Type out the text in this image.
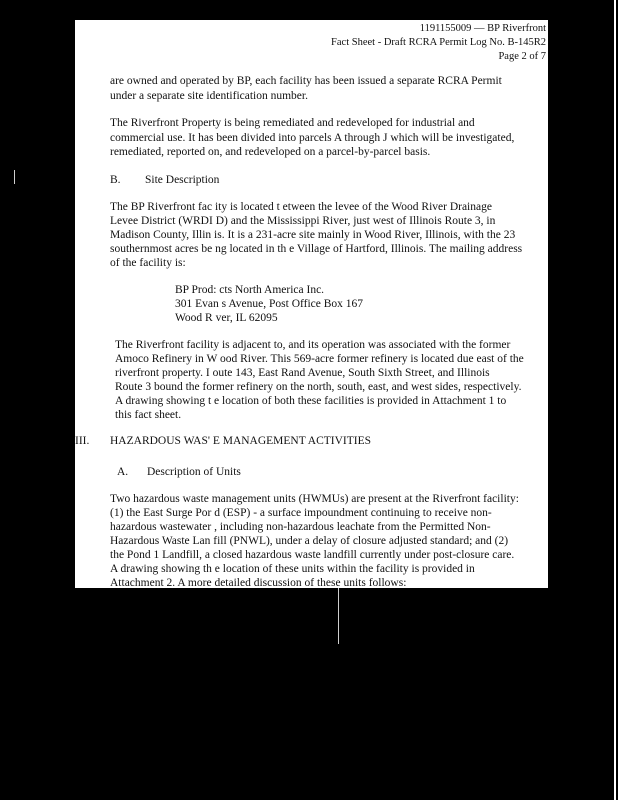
1191155009 — BP Riverfront
Fact Sheet - Draft RCRA Permit Log No. B-145R2
Page 2 of 7

are owned and operated by BP, each facility has been issued a separate RCRA Permit

under a separate site identification number.

The Riverfront Property is being remediated and redeveloped for industrial and

commercial use. It has been divided into parcels A through J which will be investigated,

remediated, reported on, and redeveloped on a parcel-by-parcel basis.

B. Site Description

The BP Riverfront fac ity is located t etween the levee of the Wood River Drainage

Levee District (WRDI D) and the Mississippi River, just west of Illinois Route 3, in

Madison County, Illin is. It is a 231-acre site mainly in Wood River, Illinois, with the 23

southernmost acres be ng located in th e Village of Hartford, Illinois. The mailing address

of the facility is:

BP Prod: cts North America Inc.

301 Evan s Avenue, Post Office Box 167

Wood R ver, IL 62095

The Riverfront facility is adjacent to, and its operation was associated with the former

Amoco Refinery in W ood River. This 569-acre former refinery is located due east of the

riverfront property. I oute 143, East Rand Avenue, South Sixth Street, and Illinois

Route 3 bound the former refinery on the north, south, east, and west sides, respectively.

A drawing showing t e location of both these facilities is provided in Attachment 1 to

this fact sheet.

III. HAZARDOUS WAS' E MANAGEMENT ACTIVITIES

A. Description of Units

Two hazardous waste management units (HWMUs) are present at the Riverfront facility:

(1) the East Surge Por d (ESP) - a surface impoundment continuing to receive non-

hazardous wastewater , including non-hazardous leachate from the Permitted Non-

Hazardous Waste Lan fill (PNWL), under a delay of closure adjusted standard; and (2)

the Pond 1 Landfill, a closed hazardous waste landfill currently under post-closure care.

A drawing showing th e location of these units within the facility is provided in

Attachment 2. A more detailed discussion of these units follows:
